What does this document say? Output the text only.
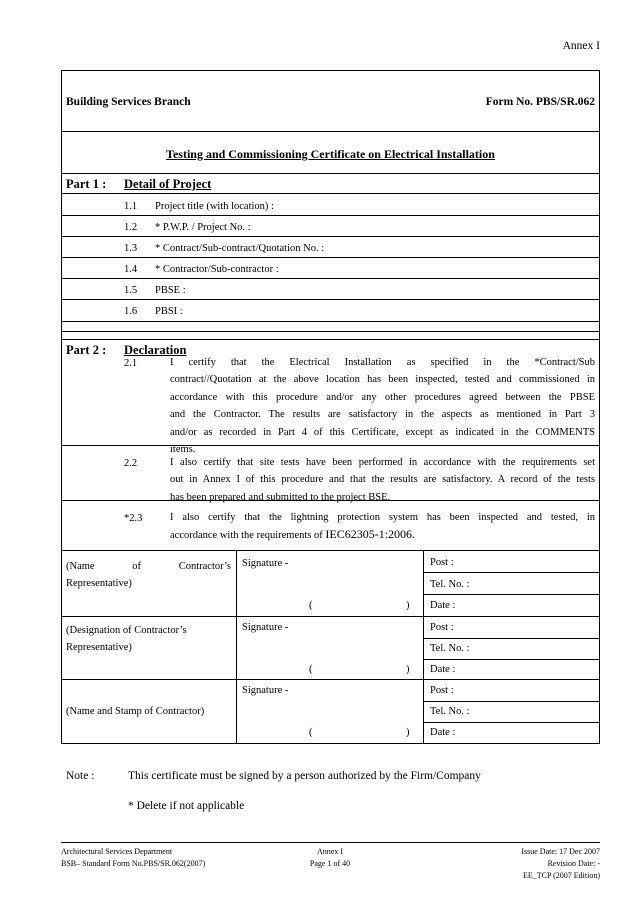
Annex I
Building Services Branch	Form No. PBS/SR.062
Testing and Commissioning Certificate on Electrical Installation
Part 1 : Detail of Project
1.1 Project title (with location) :
1.2 * P.W.P. / Project No. :
1.3 * Contract/Sub-contract/Quotation No. :
1.4 * Contractor/Sub-contractor :
1.5 PBSE :
1.6 PBSI :
Part 2 : Declaration
2.1	I certify that the Electrical Installation as specified in the *Contract/Sub
contract//Quotation at the above location has been inspected, tested and commissioned in
accordance with this procedure and/or any other procedures agreed between the PBSE
and the Contractor. The results are satisfactory in the aspects as mentioned in Part 3
and/or as recorded in Part 4 of this Certificate, except as indicated in the COMMENTS
items.
2.2	I also certify that site tests have been performed in accordance with the requirements set
out in Annex I of this procedure and that the results are satisfactory. A record of the tests
has been prepared and submitted to the project BSE.
*2.3	I also certify that the lightning protection system has been inspected and tested, in
accordance with the requirements of IEC62305-1:2006.
(Name of Contractor’s
Representative)
Signature -
(	)
Post :
Tel. No. :
Date :
(Designation of Contractor’s
Representative)
Signature -
(	)
Post :
Tel. No. :
Date :
(Name and Stamp of Contractor)
Signature -
(	)
Post :
Tel. No. :
Date :
Note :	This certificate must be signed by a person authorized by the Firm/Company
* Delete if not applicable
Architectural Services Department
BSB– Standard Form No.PBS/SR.062(2007)
Annex I
Page 1 of 40
Issue Date: 17 Dec 2007
Revision Date: -
EE_TCP (2007 Edition)
